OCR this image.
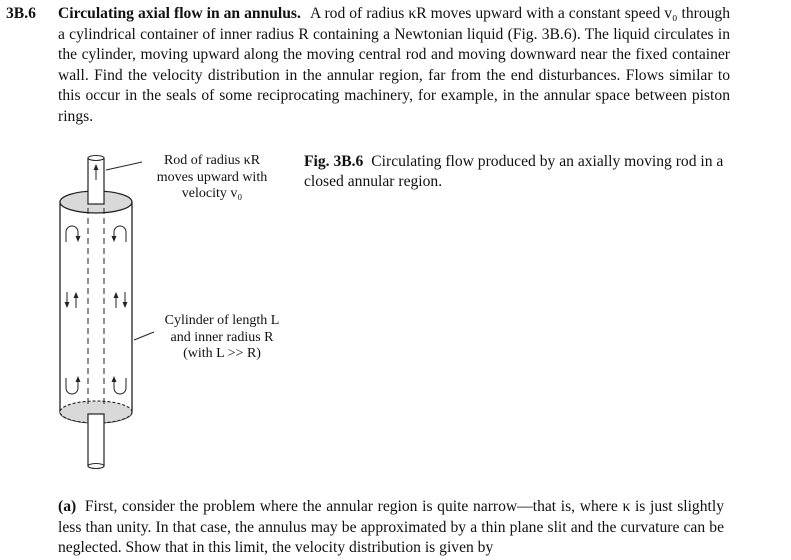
3B.6 Circulating axial flow in an annulus. A rod of radius κR moves upward with a constant speed v₀ through a cylindrical container of inner radius R containing a Newtonian liquid (Fig. 3B.6). The liquid circulates in the cylinder, moving upward along the moving central rod and moving downward near the fixed container wall. Find the velocity distribution in the annular region, far from the end disturbances. Flows similar to this occur in the seals of some reciprocating machinery, for example, in the annular space between piston rings.
Rod of radius κR
moves upward with
velocity v₀
Cylinder of length L
and inner radius R
(with L >> R)
Fig. 3B.6 Circulating flow produced by an axially moving rod in a closed annular region.
(a) First, consider the problem where the annular region is quite narrow—that is, where κ is just slightly less than unity. In that case, the annulus may be approximated by a thin plane slit and the curvature can be neglected. Show that in this limit, the velocity distribution is given by
